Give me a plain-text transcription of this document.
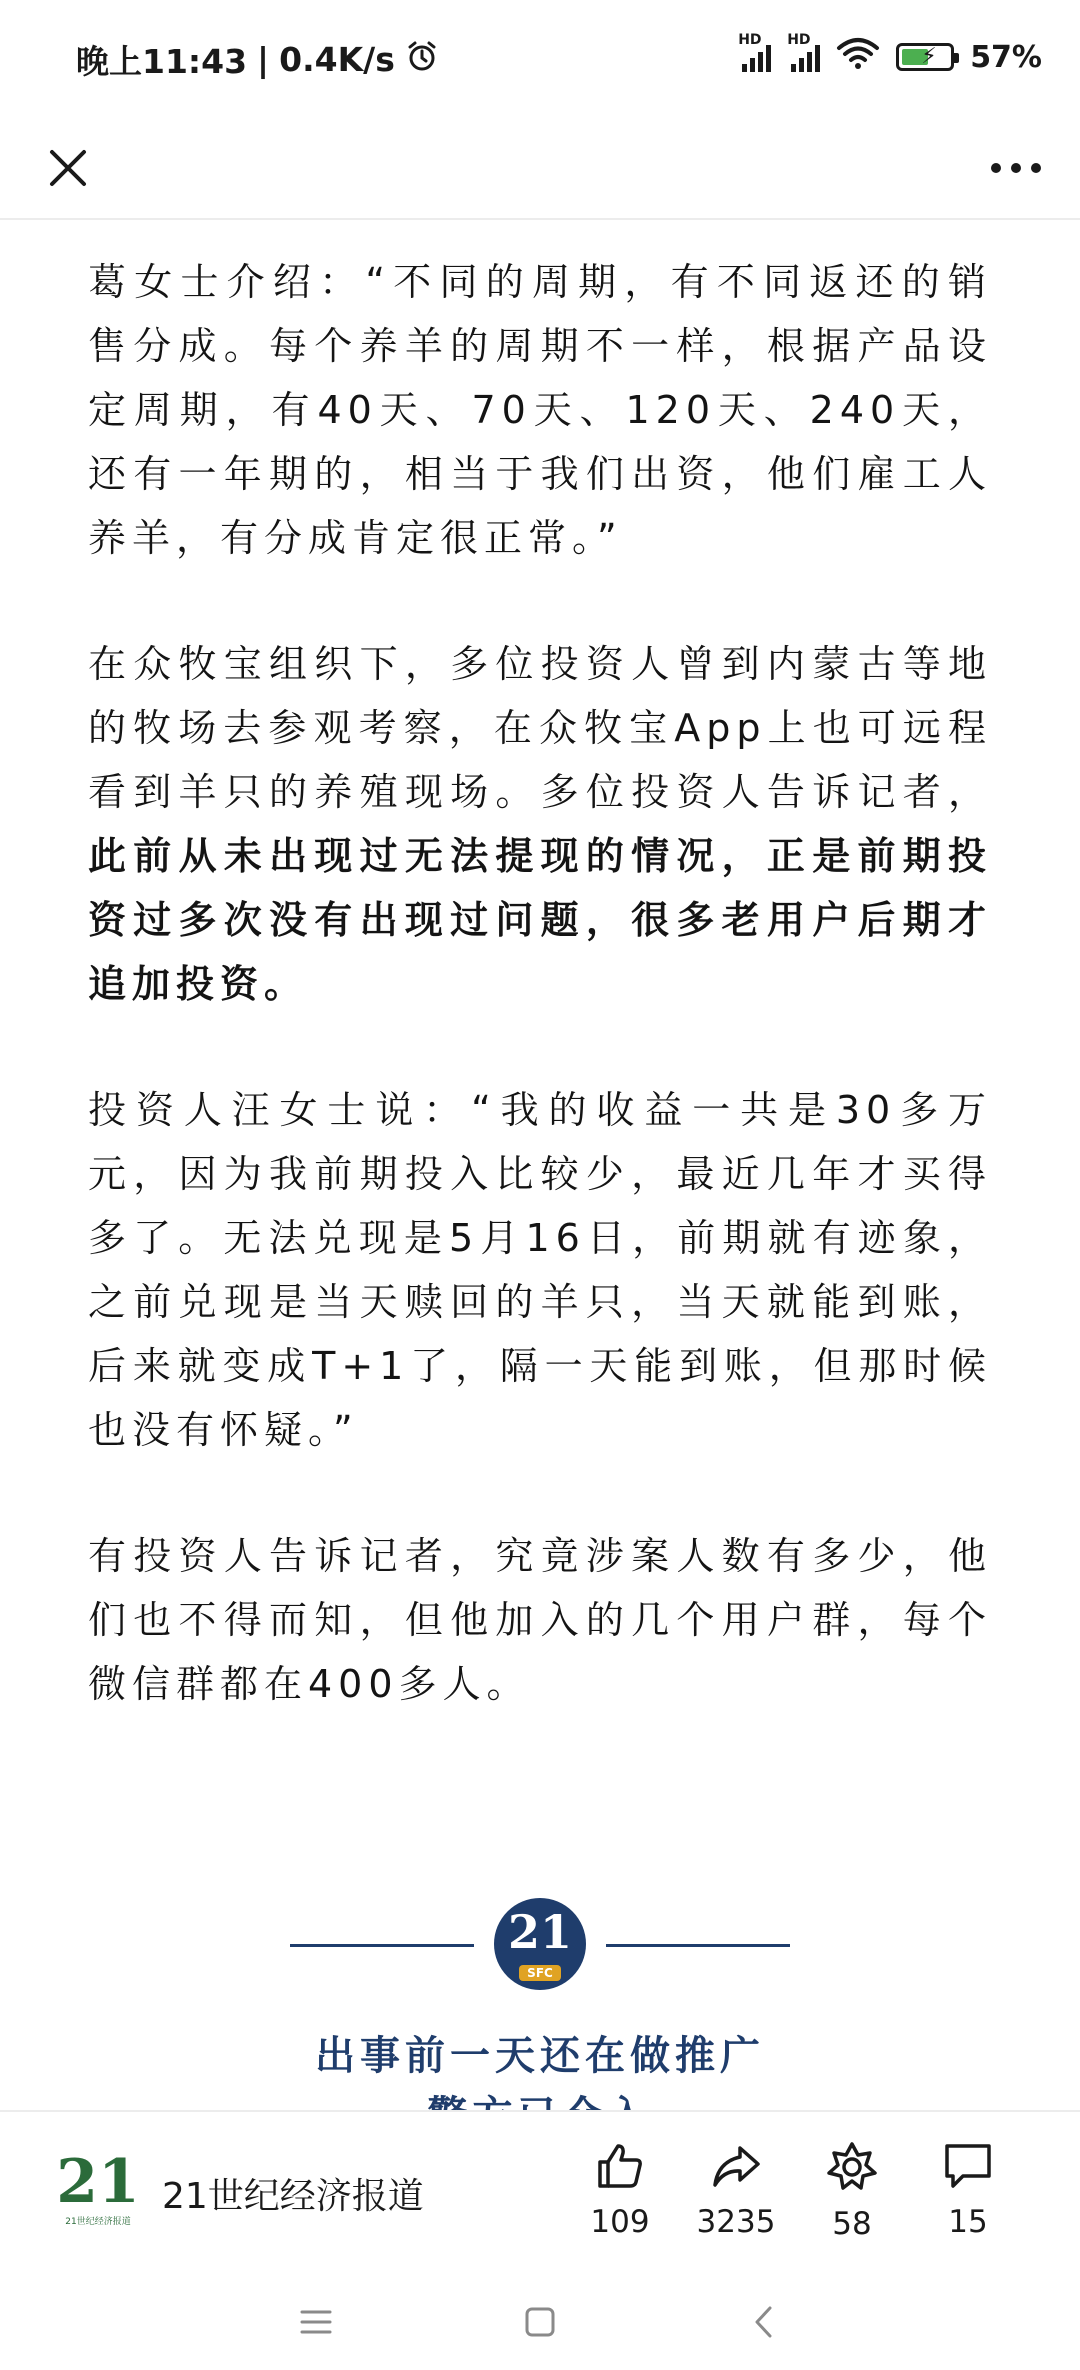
晚上11:43 | 0.4K/s	HD HD
⚡ 57%

葛女士介绍：“不同的周期，有不同返还的销售分成。每个养羊的周期不一样，根据产品设定周期，有40天、70天、120天、240天，还有一年期的，相当于我们出资，他们雇工人养羊，有分成肯定很正常。”

在众牧宝组织下，多位投资人曾到内蒙古等地的牧场去参观考察，在众牧宝App上也可远程看到羊只的养殖现场。多位投资人告诉记者，此前从未出现过无法提现的情况，正是前期投资过多次没有出现过问题，很多老用户后期才追加投资。

投资人汪女士说：“我的收益一共是30多万元，因为我前期投入比较少，最近几年才买得多了。无法兑现是5月16日，前期就有迹象，之前兑现是当天赎回的羊只，当天就能到账，后来就变成T+1了，隔一天能到账，但那时候也没有怀疑。”

有投资人告诉记者，究竟涉案人数有多少，他们也不得而知，但他加入的几个用户群，每个微信群都在400多人。

21
SFC
出事前一天还在做推广
21
21世纪经济报道
21世纪经济报道
109	3235	58	15
